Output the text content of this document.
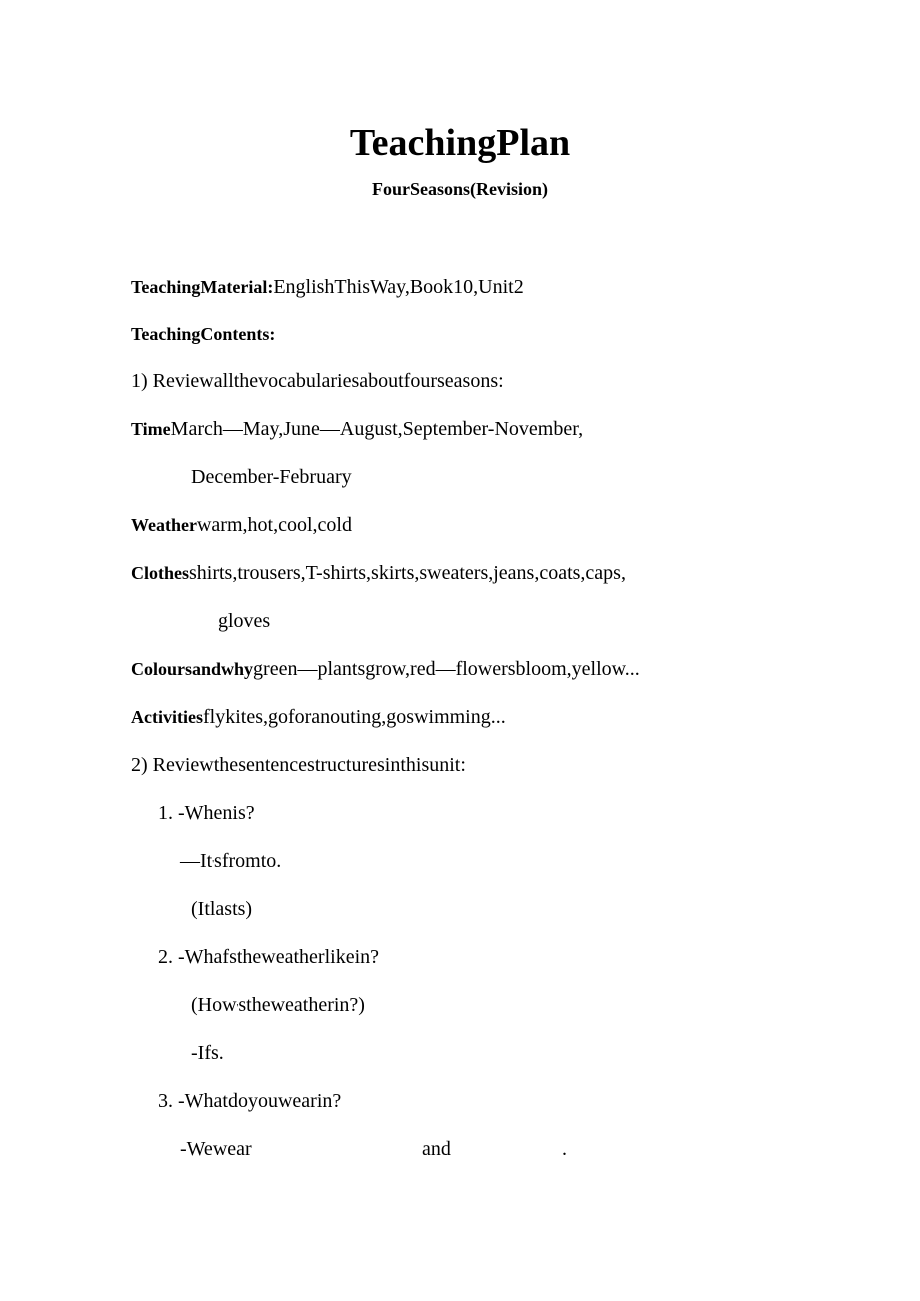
TeachingPlan
FourSeasons(Revision)
TeachingMaterial:EnglishThisWay,Book10,Unit2
TeachingContents:
1) Reviewallthevocabulariesaboutfourseasons:
TimeMarch—May,June—August,September-November,
December-February
Weatherwarm,hot,cool,cold
Clothesshirts,trousers,T-shirts,skirts,sweaters,jeans,coats,caps,
gloves
Coloursandwhygreen—plantsgrow,red—flowersbloom,yellow...
Activitiesflykites,goforanouting,goswimming...
2) Reviewthesentencestructuresinthisunit:
1. -Whenis?
—It'sfromto.
(Itlasts)
2. -Whafstheweatherlikein?
(How'stheweatherin?)
-Ifs.
3. -Whatdoyouwearin?
-Wewear	and	.
